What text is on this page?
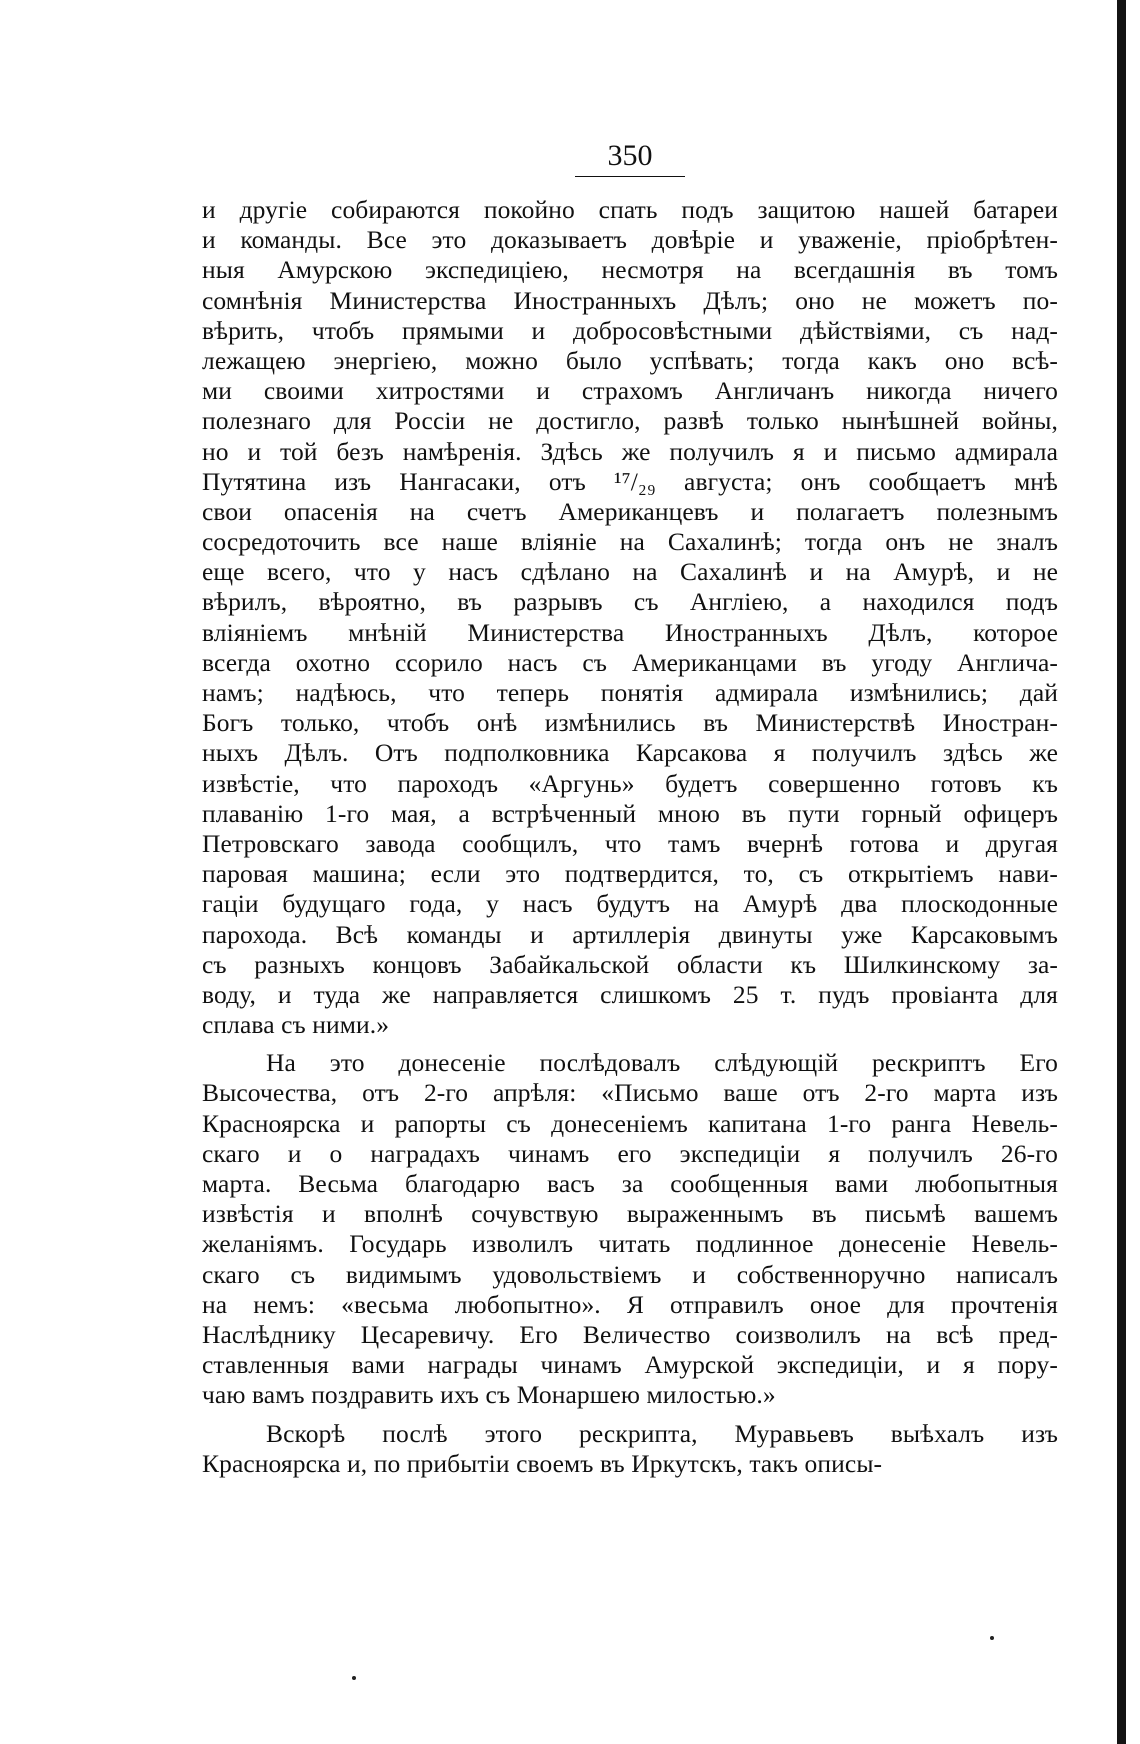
350
и другіе собираются покойно спать подъ защитою нашей батареи
и команды. Все это доказываетъ довѣріе и уваженіе, пріобрѣтен-
ныя Амурскою экспедиціею, несмотря на всегдашнія въ томъ
сомнѣнія Министерства Иностранныхъ Дѣлъ; оно не можетъ по-
вѣрить, чтобъ прямыми и добросовѣстными дѣйствіями, съ над-
лежащею энергіею, можно было успѣвать; тогда какъ оно всѣ-
ми своими хитростями и страхомъ Англичанъ никогда ничего
полезнаго для Россіи не достигло, развѣ только нынѣшней войны,
но и той безъ намѣренія. Здѣсь же получилъ я и письмо адмирала
Путятина изъ Нангасаки, отъ ¹⁷/₂₉ августа; онъ сообщаетъ мнѣ
свои опасенія на счетъ Американцевъ и полагаетъ полезнымъ
сосредоточить все наше вліяніе на Сахалинѣ; тогда онъ не зналъ
еще всего, что у насъ сдѣлано на Сахалинѣ и на Амурѣ, и не
вѣрилъ, вѣроятно, въ разрывъ съ Англіею, а находился подъ
вліяніемъ мнѣній Министерства Иностранныхъ Дѣлъ, которое
всегда охотно ссорило насъ съ Американцами въ угоду Англича-
намъ; надѣюсь, что теперь понятія адмирала измѣнились; дай
Богъ только, чтобъ онѣ измѣнились въ Министерствѣ Иностран-
ныхъ Дѣлъ. Отъ подполковника Карсакова я получилъ здѣсь же
извѣстіе, что пароходъ «Аргунь» будетъ совершенно готовъ къ
плаванію 1-го мая, а встрѣченный мною въ пути горный офицеръ
Петровскаго завода сообщилъ, что тамъ вчернѣ готова и другая
паровая машина; если это подтвердится, то, съ открытіемъ нави-
гаціи будущаго года, у насъ будутъ на Амурѣ два плоскодонные
парохода. Всѣ команды и артиллерія двинуты уже Карсаковымъ
съ разныхъ концовъ Забайкальской области къ Шилкинскому за-
воду, и туда же направляется слишкомъ 25 т. пудъ провіанта для
сплава съ ними.»
На это донесеніе послѣдовалъ слѣдующій рескриптъ Его
Высочества, отъ 2-го апрѣля: «Письмо ваше отъ 2-го марта изъ
Красноярска и рапорты съ донесеніемъ капитана 1-го ранга Невель-
скаго и о наградахъ чинамъ его экспедиціи я получилъ 26-го
марта. Весьма благодарю васъ за сообщенныя вами любопытныя
извѣстія и вполнѣ сочувствую выраженнымъ въ письмѣ вашемъ
желаніямъ. Государь изволилъ читать подлинное донесеніе Невель-
скаго съ видимымъ удовольствіемъ и собственноручно написалъ
на немъ: «весьма любопытно». Я отправилъ оное для прочтенія
Наслѣднику Цесаревичу. Его Величество соизволилъ на всѣ пред-
ставленныя вами награды чинамъ Амурской экспедиціи, и я пору-
чаю вамъ поздравить ихъ съ Монаршею милостью.»
Вскорѣ послѣ этого рескрипта, Муравьевъ выѣхалъ изъ
Красноярска и, по прибытіи своемъ въ Иркутскъ, такъ описы-
